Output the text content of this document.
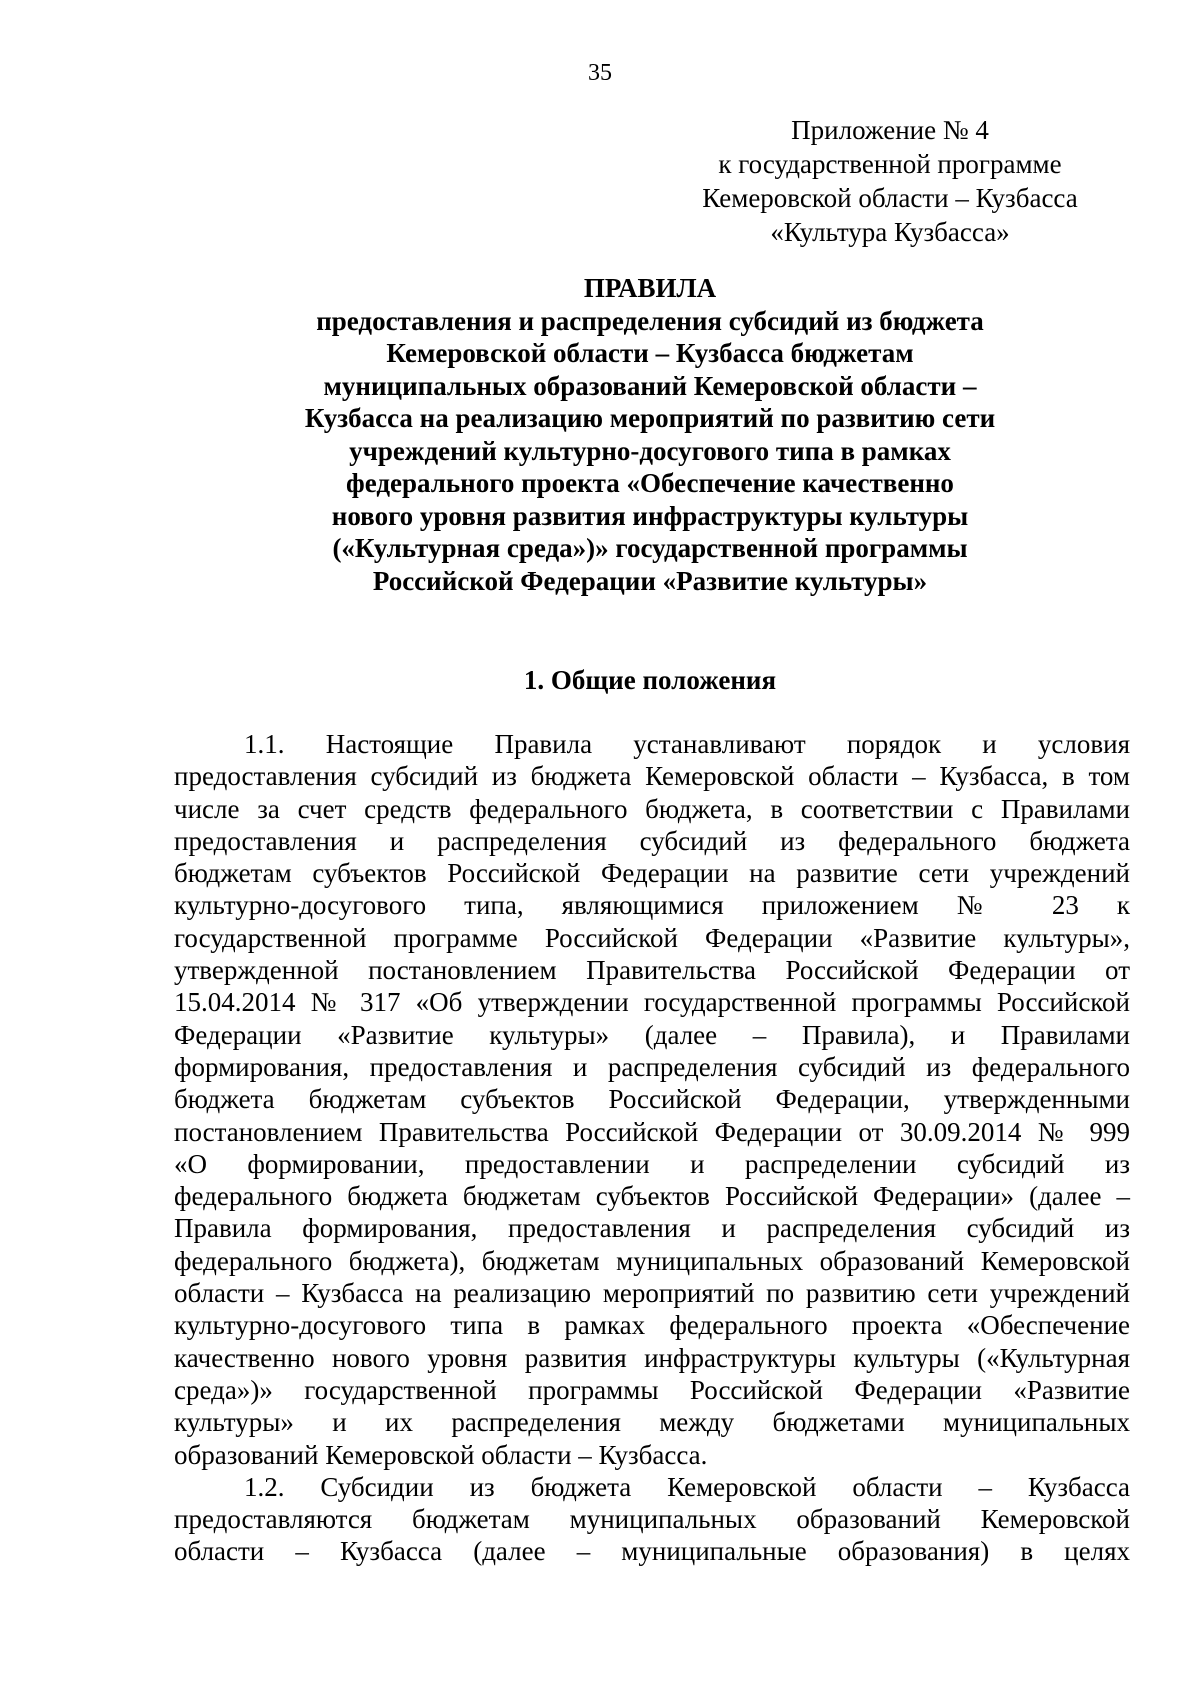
35
Приложение № 4
к государственной программе
Кемеровской области – Кузбасса
«Культура Кузбасса»
ПРАВИЛА
предоставления и распределения субсидий из бюджета
Кемеровской области – Кузбасса бюджетам
муниципальных образований Кемеровской области –
Кузбасса на реализацию мероприятий по развитию сети
учреждений культурно-досугового типа в рамках
федерального проекта «Обеспечение качественно
нового уровня развития инфраструктуры культуры
(«Культурная среда»)» государственной программы
Российской Федерации «Развитие культуры»
1. Общие положения

1.1. Настоящие Правила устанавливают порядок и условия
предоставления субсидий из бюджета Кемеровской области – Кузбасса, в том
числе за счет средств федерального бюджета, в соответствии с Правилами
предоставления и распределения субсидий из федерального бюджета
бюджетам субъектов Российской Федерации на развитие сети учреждений
культурно-досугового типа, являющимися приложением № 23 к
государственной программе Российской Федерации «Развитие культуры»,
утвержденной постановлением Правительства Российской Федерации от
15.04.2014 № 317 «Об утверждении государственной программы Российской
Федерации «Развитие культуры» (далее – Правила), и Правилами
формирования, предоставления и распределения субсидий из федерального
бюджета бюджетам субъектов Российской Федерации, утвержденными
постановлением Правительства Российской Федерации от 30.09.2014 № 999
«О формировании, предоставлении и распределении субсидий из
федерального бюджета бюджетам субъектов Российской Федерации» (далее –
Правила формирования, предоставления и распределения субсидий из
федерального бюджета), бюджетам муниципальных образований Кемеровской
области – Кузбасса на реализацию мероприятий по развитию сети учреждений
культурно-досугового типа в рамках федерального проекта «Обеспечение
качественно нового уровня развития инфраструктуры культуры («Культурная
среда»)» государственной программы Российской Федерации «Развитие
культуры» и их распределения между бюджетами муниципальных
образований Кемеровской области – Кузбасса.

1.2. Субсидии из бюджета Кемеровской области – Кузбасса
предоставляются бюджетам муниципальных образований Кемеровской
области – Кузбасса (далее – муниципальные образования) в целях
